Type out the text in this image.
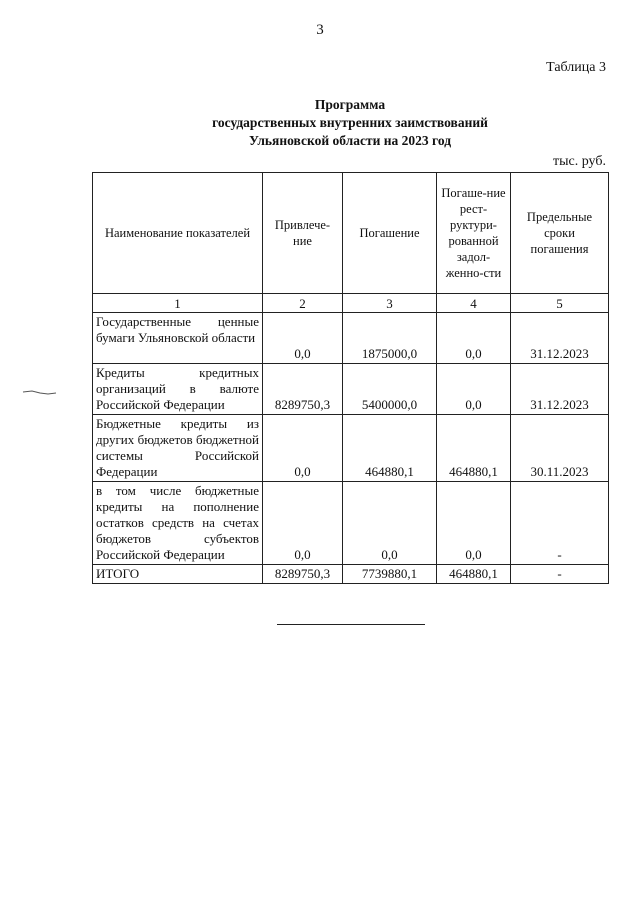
3
Таблица 3
Программа
государственных внутренних заимствований
Ульяновской области на 2023 год
тыс. руб.
Наименование показателей	Привлече-ние	Погашение	Погаше-ние рест-руктури-рованной задол-женно-сти	Предельные сроки погашения
1	2	3	4	5
Государственные ценные бумаги Ульяновской области	0,0	1875000,0	0,0	31.12.2023
Кредиты кредитных организаций в валюте Российской Федерации	8289750,3	5400000,0	0,0	31.12.2023
Бюджетные кредиты из других бюджетов бюджетной системы Российской Федерации	0,0	464880,1	464880,1	30.11.2023
в том числе бюджетные кредиты на пополнение остатков средств на счетах бюджетов субъектов Российской Федерации	0,0	0,0	0,0	-
ИТОГО	8289750,3	7739880,1	464880,1	-
